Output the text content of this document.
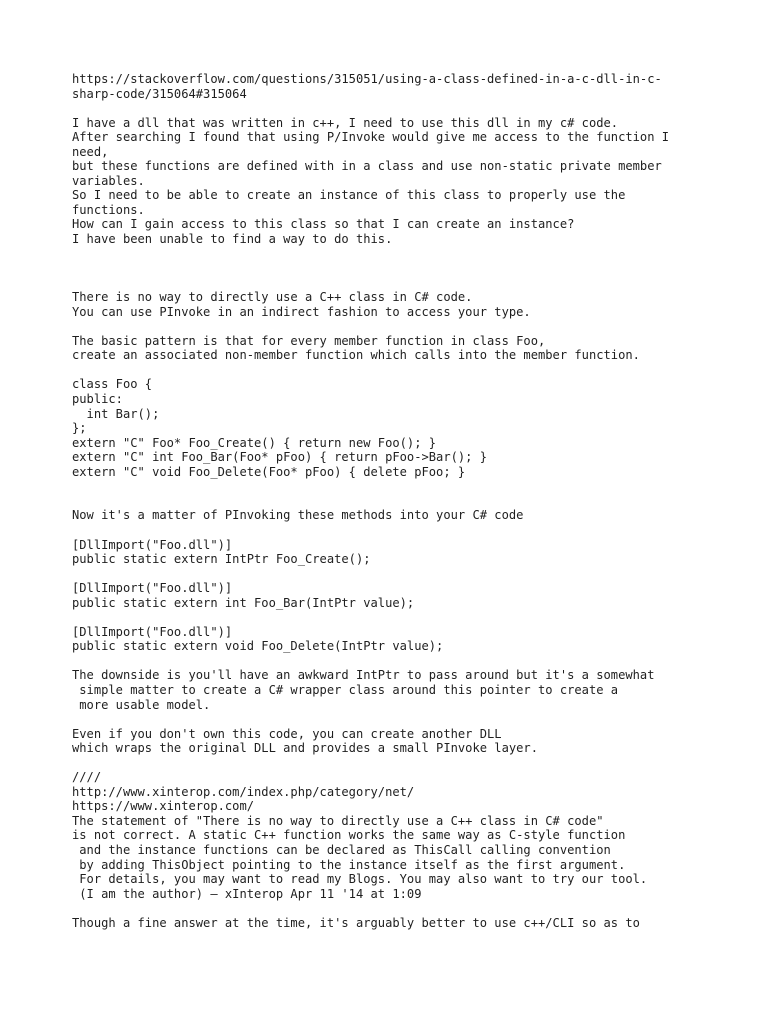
https://stackoverflow.com/questions/315051/using-a-class-defined-in-a-c-dll-in-c-
sharp-code/315064#315064
I have a dll that was written in c++, I need to use this dll in my c# code.
After searching I found that using P/Invoke would give me access to the function I
need,
but these functions are defined with in a class and use non-static private member
variables.
So I need to be able to create an instance of this class to properly use the
functions.
How can I gain access to this class so that I can create an instance?
I have been unable to find a way to do this.
There is no way to directly use a C++ class in C# code.
You can use PInvoke in an indirect fashion to access your type.
The basic pattern is that for every member function in class Foo,
create an associated non-member function which calls into the member function.
class Foo {
public:
int Bar();
};
extern "C" Foo* Foo_Create() { return new Foo(); }
extern "C" int Foo_Bar(Foo* pFoo) { return pFoo->Bar(); }
extern "C" void Foo_Delete(Foo* pFoo) { delete pFoo; }
Now it's a matter of PInvoking these methods into your C# code
[DllImport("Foo.dll")]
public static extern IntPtr Foo_Create();
[DllImport("Foo.dll")]
public static extern int Foo_Bar(IntPtr value);
[DllImport("Foo.dll")]
public static extern void Foo_Delete(IntPtr value);
The downside is you'll have an awkward IntPtr to pass around but it's a somewhat
simple matter to create a C# wrapper class around this pointer to create a
more usable model.
Even if you don't own this code, you can create another DLL
which wraps the original DLL and provides a small PInvoke layer.
////
http://www.xinterop.com/index.php/category/net/
https://www.xinterop.com/
The statement of "There is no way to directly use a C++ class in C# code"
is not correct. A static C++ function works the same way as C-style function
and the instance functions can be declared as ThisCall calling convention
by adding ThisObject pointing to the instance itself as the first argument.
For details, you may want to read my Blogs. You may also want to try our tool.
(I am the author) – xInterop Apr 11 '14 at 1:09
Though a fine answer at the time, it's arguably better to use c++/CLI so as to
